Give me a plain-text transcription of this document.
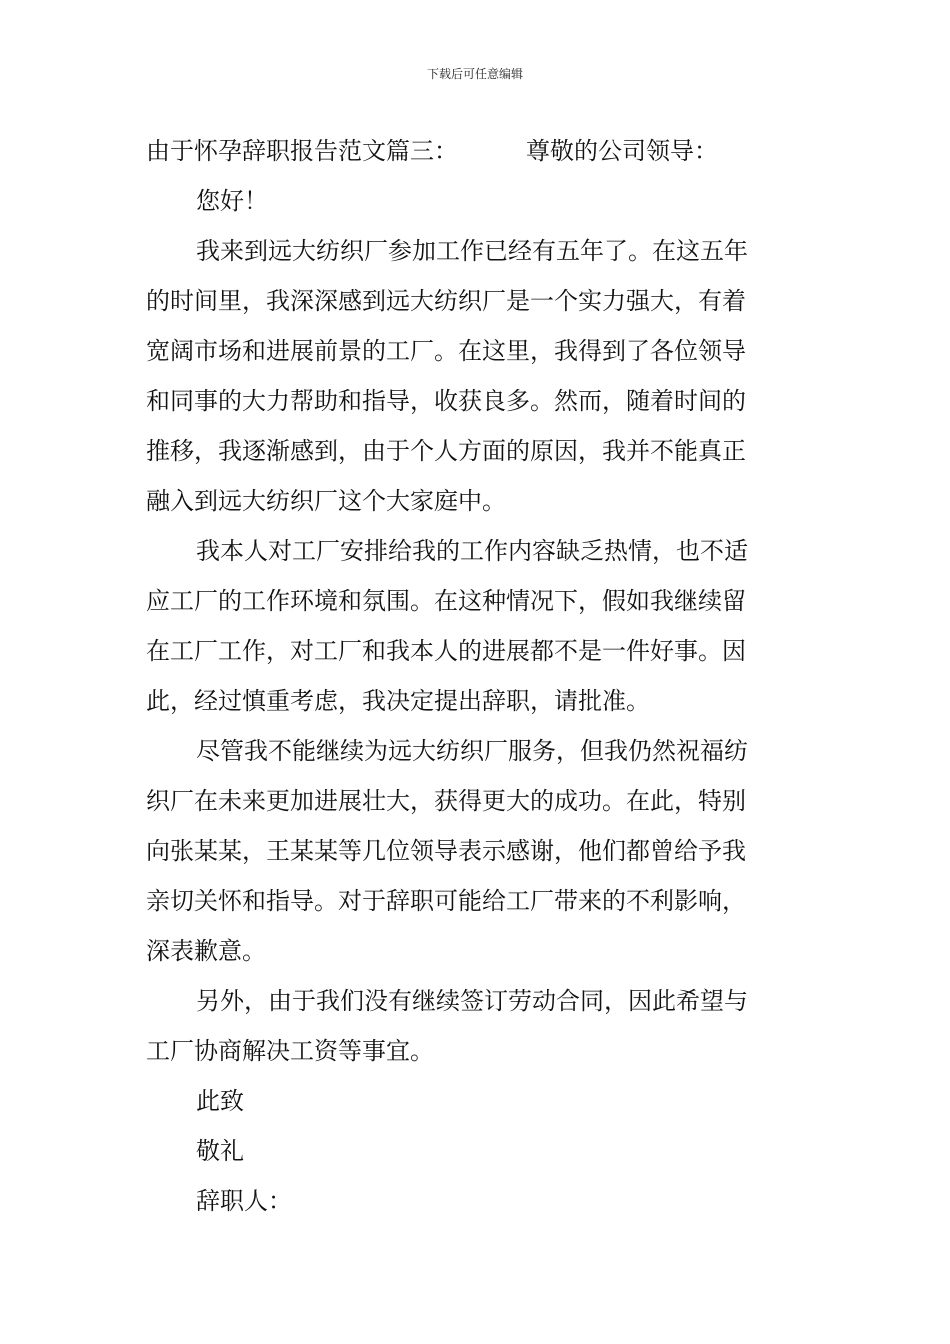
下载后可任意编辑
由于怀孕辞职报告范文篇三：	尊敬的公司领导：
您好！
我来到远大纺织厂参加工作已经有五年了。在这五年
的时间里，我深深感到远大纺织厂是一个实力强大，有着
宽阔市场和进展前景的工厂。在这里，我得到了各位领导
和同事的大力帮助和指导，收获良多。然而，随着时间的
推移，我逐渐感到，由于个人方面的原因，我并不能真正
融入到远大纺织厂这个大家庭中。
我本人对工厂安排给我的工作内容缺乏热情，也不适
应工厂的工作环境和氛围。在这种情况下，假如我继续留
在工厂工作，对工厂和我本人的进展都不是一件好事。因
此，经过慎重考虑，我决定提出辞职，请批准。
尽管我不能继续为远大纺织厂服务，但我仍然祝福纺
织厂在未来更加进展壮大，获得更大的成功。在此，特别
向张某某，王某某等几位领导表示感谢，他们都曾给予我
亲切关怀和指导。对于辞职可能给工厂带来的不利影响，
深表歉意。
另外，由于我们没有继续签订劳动合同，因此希望与
工厂协商解决工资等事宜。
此致
敬礼
辞职人：
